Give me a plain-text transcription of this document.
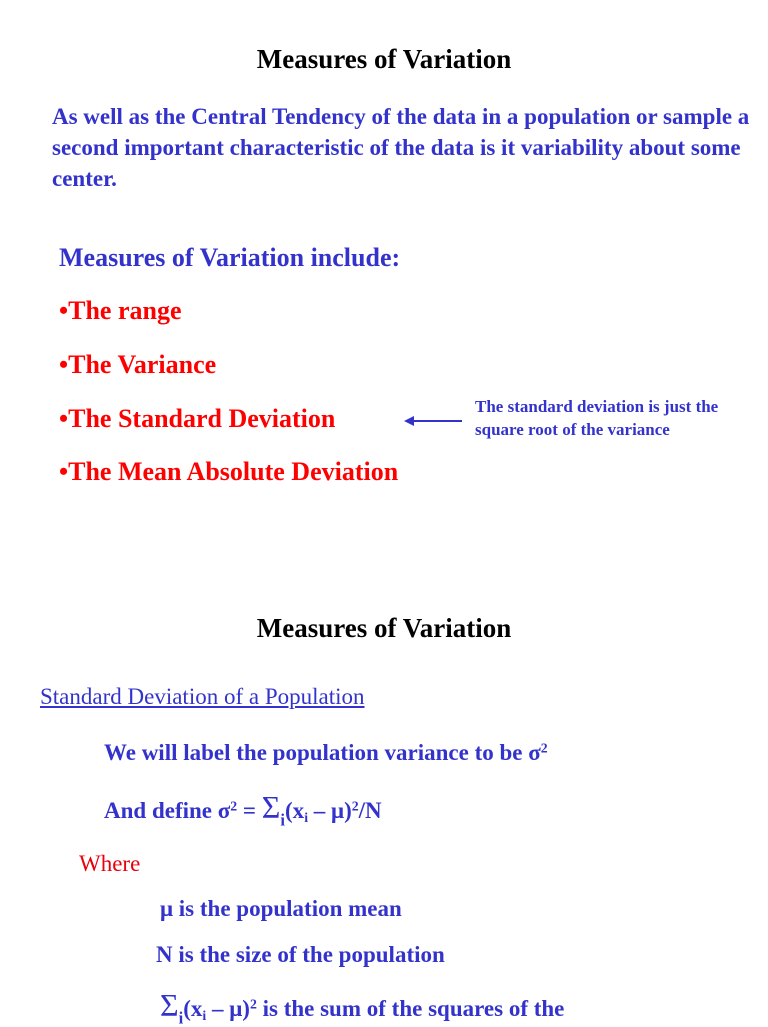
Measures of Variation
As well as the Central Tendency of the data in a population or sample a second important characteristic of the data is it variability about some center.
Measures of Variation include:
•The range
•The Variance
•The Standard Deviation
•The Mean Absolute Deviation
The standard deviation is just the square root of the variance
Measures of Variation
Standard Deviation of a Population
We will label the population variance to be $\sigma^2$
And define $\sigma^2 = \Sigma_i(x_i - \mu)^2/N$
Where
μ is the population mean
N is the size of the population
$\Sigma_i(x_i - \mu)^2$ is the sum of the squares of the
